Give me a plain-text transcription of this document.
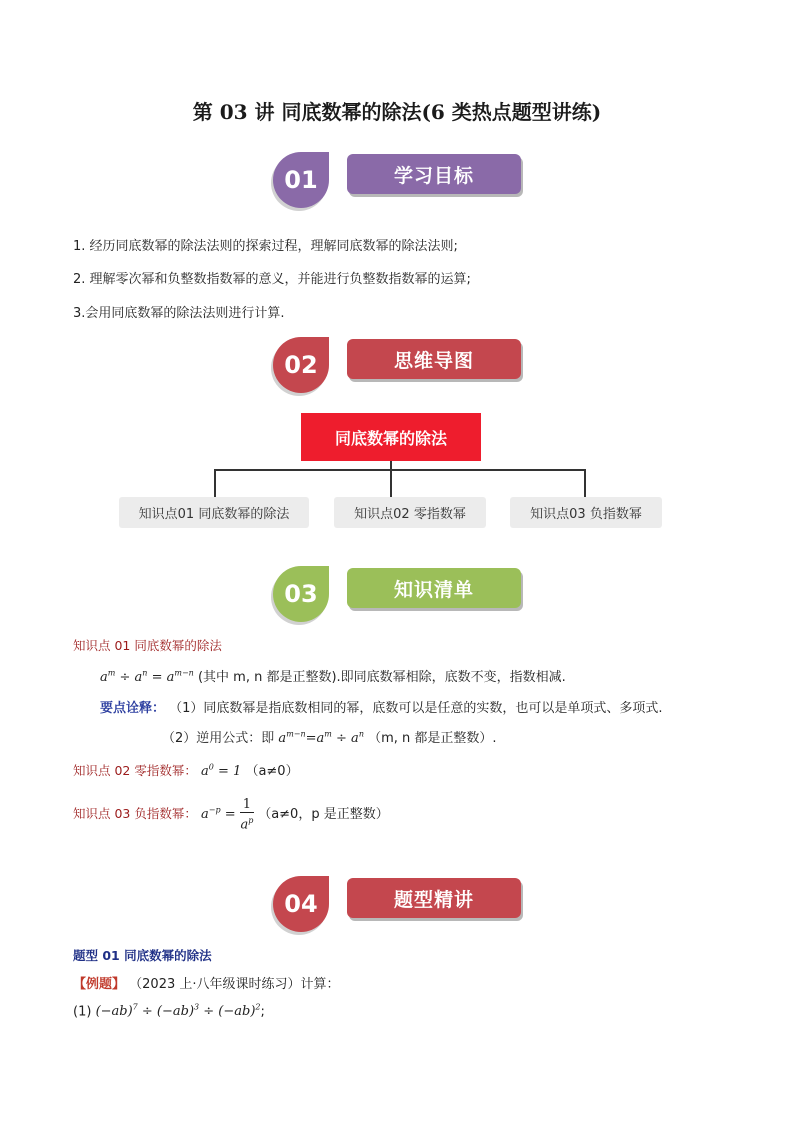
第 03 讲 同底数幂的除法(6 类热点题型讲练)
01	学习目标
1. 经历同底数幂的除法法则的探索过程，理解同底数幂的除法法则;
2. 理解零次幂和负整数指数幂的意义，并能进行负整数指数幂的运算;
3.会用同底数幂的除法法则进行计算.
02	思维导图
同底数幂的除法
知识点01 同底数幂的除法	知识点02 零指数幂	知识点03 负指数幂
03	知识清单
知识点 01 同底数幂的除法
$a^m \div a^n = a^{m-n}$ (其中 m, n 都是正整数).即同底数幂相除，底数不变，指数相减.
要点诠释： （1）同底数幂是指底数相同的幂，底数可以是任意的实数，也可以是单项式、多项式.
（2）逆用公式：即 $a^{m-n}=a^m \div a^n$ （m, n 都是正整数）.
知识点 02 零指数幂： $a^0 = 1$ （a≠0）
知识点 03 负指数幂： $a^{-p} = \frac{1}{a^p} (a\ne 0$，p 是正整数）
04	题型精讲
题型 01 同底数幂的除法
【例题】 （2023 上·八年级课时练习）计算：
(1) $(-ab)^7 \div (-ab)^3 \div (-ab)^2$;
